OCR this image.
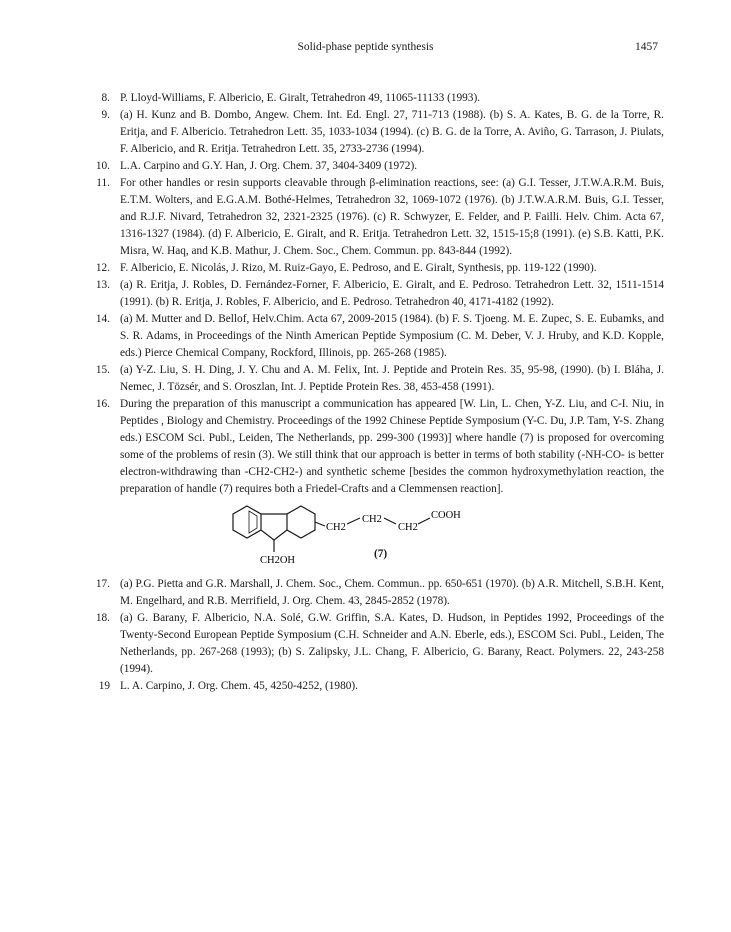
Solid-phase peptide synthesis	1457
8. P. Lloyd-Williams, F. Albericio, E. Giralt, Tetrahedron 49, 11065-11133 (1993).
9. (a) H. Kunz and B. Dombo, Angew. Chem. Int. Ed. Engl. 27, 711-713 (1988). (b) S. A. Kates, B. G. de la Torre, R. Eritja, and F. Albericio. Tetrahedron Lett. 35, 1033-1034 (1994). (c) B. G. de la Torre, A. Aviño, G. Tarrason, J. Piulats, F. Albericio, and R. Eritja. Tetrahedron Lett. 35, 2733-2736 (1994).
10. L.A. Carpino and G.Y. Han, J. Org. Chem. 37, 3404-3409 (1972).
11. For other handles or resin supports cleavable through β-elimination reactions, see: (a) G.I. Tesser, J.T.W.A.R.M. Buis, E.T.M. Wolters, and E.G.A.M. Bothé-Helmes, Tetrahedron 32, 1069-1072 (1976). (b) J.T.W.A.R.M. Buis, G.I. Tesser, and R.J.F. Nivard, Tetrahedron 32, 2321-2325 (1976). (c) R. Schwyzer, E. Felder, and P. Failli. Helv. Chim. Acta 67, 1316-1327 (1984). (d) F. Albericio, E. Giralt, and R. Eritja. Tetrahedron Lett. 32, 1515-15;8 (1991). (e) S.B. Katti, P.K. Misra, W. Haq, and K.B. Mathur, J. Chem. Soc., Chem. Commun. pp. 843-844 (1992).
12. F. Albericio, E. Nicolás, J. Rizo, M. Ruiz-Gayo, E. Pedroso, and E. Giralt, Synthesis, pp. 119-122 (1990).
13. (a) R. Eritja, J. Robles, D. Fernández-Forner, F. Albericio, E. Giralt, and E. Pedroso. Tetrahedron Lett. 32, 1511-1514 (1991). (b) R. Eritja, J. Robles, F. Albericio, and E. Pedroso. Tetrahedron 40, 4171-4182 (1992).
14. (a) M. Mutter and D. Bellof, Helv.Chim. Acta 67, 2009-2015 (1984). (b) F. S. Tjoeng. M. E. Zupec, S. E. Eubamks, and S. R. Adams, in Proceedings of the Ninth American Peptide Symposium (C. M. Deber, V. J. Hruby, and K.D. Kopple, eds.) Pierce Chemical Company, Rockford, Illinois, pp. 265-268 (1985).
15. (a) Y-Z. Liu, S. H. Ding, J. Y. Chu and A. M. Felix, Int. J. Peptide and Protein Res. 35, 95-98, (1990). (b) I. Bláha, J. Nemec, J. Tözsér, and S. Oroszlan, Int. J. Peptide Protein Res. 38, 453-458 (1991).
16. During the preparation of this manuscript a communication has appeared [W. Lin, L. Chen, Y-Z. Liu, and C-I. Niu, in Peptides , Biology and Chemistry. Proceedings of the 1992 Chinese Peptide Symposium (Y-C. Du, J.P. Tam, Y-S. Zhang eds.) ESCOM Sci. Publ., Leiden, The Netherlands, pp. 299-300 (1993)] where handle (7) is proposed for overcoming some of the problems of resin (3). We still think that our approach is better in terms of both stability (-NH-CO- is better electron-withdrawing than -CH2-CH2-) and synthetic scheme [besides the common hydroxymethylation reaction, the preparation of handle (7) requires both a Friedel-Crafts and a Clemmensen reaction].
CH2
CH2
CH2
COOH
CH2OH
(7)
17. (a) P.G. Pietta and G.R. Marshall, J. Chem. Soc., Chem. Commun.. pp. 650-651 (1970). (b) A.R. Mitchell, S.B.H. Kent, M. Engelhard, and R.B. Merrifield, J. Org. Chem. 43, 2845-2852 (1978).
18. (a) G. Barany, F. Albericio, N.A. Solé, G.W. Griffin, S.A. Kates, D. Hudson, in Peptides 1992, Proceedings of the Twenty-Second European Peptide Symposium (C.H. Schneider and A.N. Eberle, eds.), ESCOM Sci. Publ., Leiden, The Netherlands, pp. 267-268 (1993); (b) S. Zalipsky, J.L. Chang, F. Albericio, G. Barany, React. Polymers. 22, 243-258 (1994).
19 L. A. Carpino, J. Org. Chem. 45, 4250-4252, (1980).
